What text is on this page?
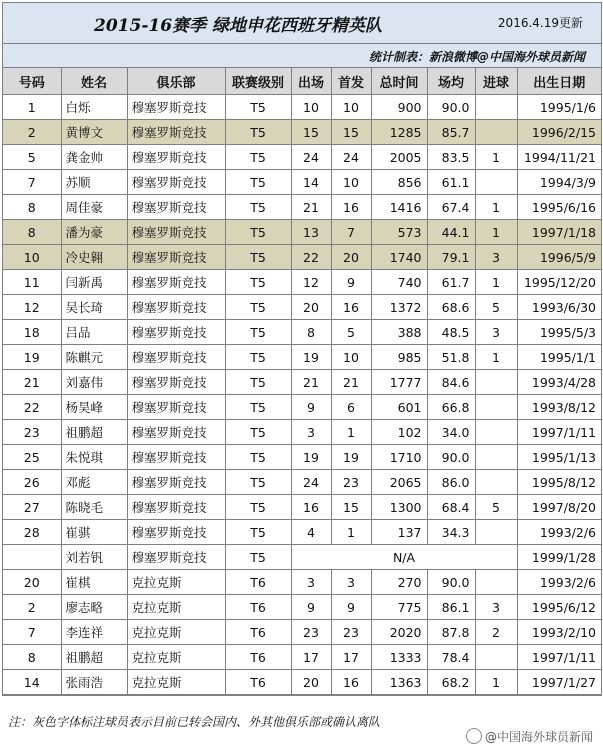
2015-16赛季 绿地申花西班牙精英队	2016.4.19更新
统计制表：新浪微博@中国海外球员新闻
号码	姓名	俱乐部	联赛级别	出场	首发	总时间	场均	进球	出生日期
1	白烁	穆塞罗斯竞技	T5	10	10	900	90.0		1995/1/6
2	黄博文	穆塞罗斯竞技	T5	15	15	1285	85.7		1996/2/15
5	龚金帅	穆塞罗斯竞技	T5	24	24	2005	83.5	1	1994/11/21
7	苏顺	穆塞罗斯竞技	T5	14	10	856	61.1		1994/3/9
8	周佳豪	穆塞罗斯竞技	T5	21	16	1416	67.4	1	1995/6/16
8	潘为豪	穆塞罗斯竞技	T5	13	7	573	44.1	1	1997/1/18
10	冷史翱	穆塞罗斯竞技	T5	22	20	1740	79.1	3	1996/5/9
11	闫新禹	穆塞罗斯竞技	T5	12	9	740	61.7	1	1995/12/20
12	吴长琦	穆塞罗斯竞技	T5	20	16	1372	68.6	5	1993/6/30
18	吕品	穆塞罗斯竞技	T5	8	5	388	48.5	3	1995/5/3
19	陈麒元	穆塞罗斯竞技	T5	19	10	985	51.8	1	1995/1/1
21	刘嘉伟	穆塞罗斯竞技	T5	21	21	1777	84.6		1993/4/28
22	杨昊峰	穆塞罗斯竞技	T5	9	6	601	66.8		1993/8/12
23	祖鹏超	穆塞罗斯竞技	T5	3	1	102	34.0		1997/1/11
25	朱悦琪	穆塞罗斯竞技	T5	19	19	1710	90.0		1995/1/13
26	邓彪	穆塞罗斯竞技	T5	24	23	2065	86.0		1995/8/12
27	陈晓毛	穆塞罗斯竞技	T5	16	15	1300	68.4	5	1997/8/20
28	崔骐	穆塞罗斯竞技	T5	4	1	137	34.3		1993/2/6
	刘若钒	穆塞罗斯竞技	T5	N/A					1999/1/28
20	崔棋	克拉克斯	T6	3	3	270	90.0		1993/2/6
2	廖志略	克拉克斯	T6	9	9	775	86.1	3	1995/6/12
7	李连祥	克拉克斯	T6	23	23	2020	87.8	2	1993/2/10
8	祖鹏超	克拉克斯	T6	17	17	1333	78.4		1997/1/11
14	张雨浩	克拉克斯	T6	20	16	1363	68.2	1	1997/1/27
注：灰色字体标注球员表示目前已转会国内、外其他俱乐部或确认离队
@中国海外球员新闻
